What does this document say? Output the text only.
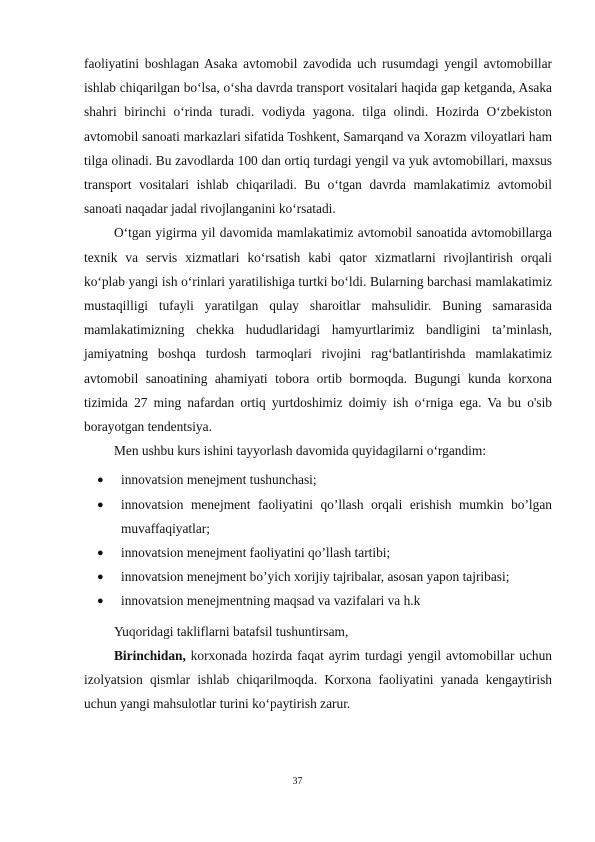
faoliyatini boshlagan Asaka avtomobil zavodida uch rusumdagi yengil avtomobillar ishlab chiqarilgan bo‘lsa, o‘sha davrda transport vositalari haqida gap ketganda, Asaka shahri birinchi o‘rinda turadi. vodiyda yagona. tilga olindi. Hozirda O‘zbekiston avtomobil sanoati markazlari sifatida Toshkent, Samarqand va Xorazm viloyatlari ham tilga olinadi. Bu zavodlarda 100 dan ortiq turdagi yengil va yuk avtomobillari, maxsus transport vositalari ishlab chiqariladi. Bu o‘tgan davrda mamlakatimiz avtomobil sanoati naqadar jadal rivojlanganini ko‘rsatadi.

O‘tgan yigirma yil davomida mamlakatimiz avtomobil sanoatida avtomobillarga texnik va servis xizmatlari ko‘rsatish kabi qator xizmatlarni rivojlantirish orqali ko‘plab yangi ish o‘rinlari yaratilishiga turtki bo‘ldi. Bularning barchasi mamlakatimiz mustaqilligi tufayli yaratilgan qulay sharoitlar mahsulidir. Buning samarasida mamlakatimizning chekka hududlaridagi hamyurtlarimiz bandligini ta’minlash, jamiyatning boshqa turdosh tarmoqlari rivojini rag‘batlantirishda mamlakatimiz avtomobil sanoatining ahamiyati tobora ortib bormoqda. Bugungi kunda korxona tizimida 27 ming nafardan ortiq yurtdoshimiz doimiy ish o‘rniga ega. Va bu o'sib borayotgan tendentsiya.

Men ushbu kurs ishini tayyorlash davomida quyidagilarni o‘rgandim:

● innovatsion menejment tushunchasi;
● innovatsion menejment faoliyatini qo’llash orqali erishish mumkin bo’lgan muvaffaqiyatlar;
● innovatsion menejment faoliyatini qo’llash tartibi;
● innovatsion menejment bo’yich xorijiy tajribalar, asosan yapon tajribasi;
● innovatsion menejmentning maqsad va vazifalari va h.k

Yuqoridagi takliflarni batafsil tushuntirsam,

Birinchidan, korxonada hozirda faqat ayrim turdagi yengil avtomobillar uchun izolyatsion qismlar ishlab chiqarilmoqda. Korxona faoliyatini yanada kengaytirish uchun yangi mahsulotlar turini ko‘paytirish zarur.

37
